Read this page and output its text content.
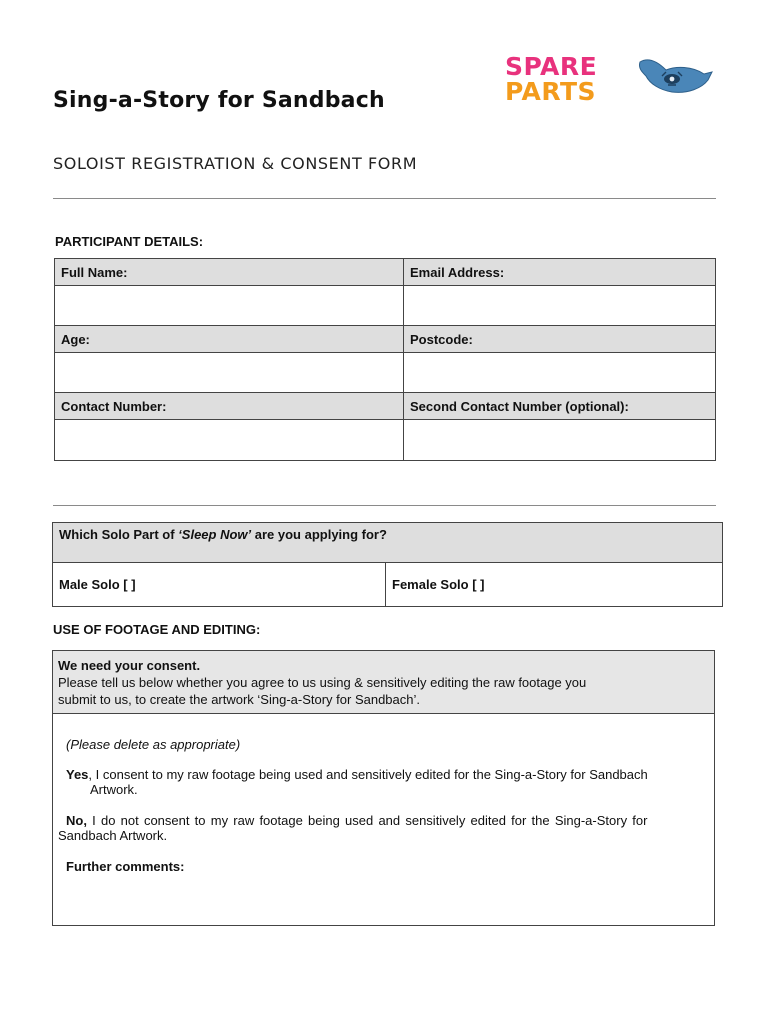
Sing-a-Story for Sandbach
SPARE
PARTS
SOLOIST REGISTRATION & CONSENT FORM
PARTICIPANT DETAILS:
Full Name:	Email Address:

Age:	Postcode:

Contact Number:	Second Contact Number (optional):

Which Solo Part of ‘Sleep Now’ are you applying for?
Male Solo [ ]	Female Solo [ ]
USE OF FOOTAGE AND EDITING:
We need your consent.
Please tell us below whether you agree to us using & sensitively editing the raw footage you
submit to us, to create the artwork ‘Sing-a-Story for Sandbach’.
(Please delete as appropriate)
Yes, I consent to my raw footage being used and sensitively edited for the Sing-a-Story for Sandbach
Artwork.
No, I do not consent to my raw footage being used and sensitively edited for the Sing-a-Story for
Sandbach Artwork.
Further comments:
